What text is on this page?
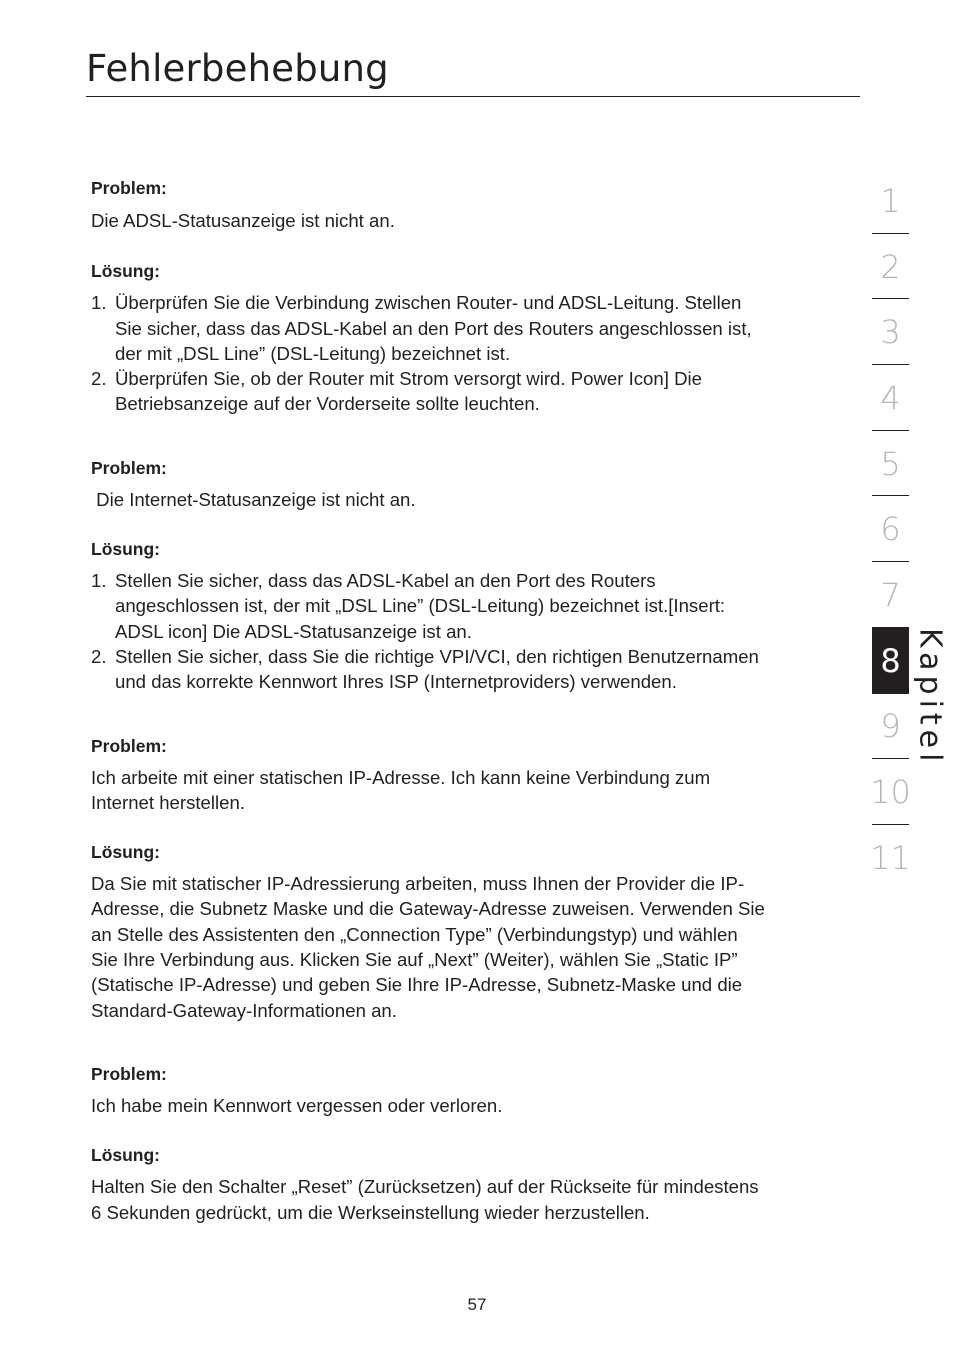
Fehlerbehebung

Problem:

Die ADSL-Statusanzeige ist nicht an.

Lösung:

1. Überprüfen Sie die Verbindung zwischen Router- und ADSL-Leitung. Stellen
Sie sicher, dass das ADSL-Kabel an den Port des Routers angeschlossen ist,
der mit „DSL Line” (DSL-Leitung) bezeichnet ist.
2. Überprüfen Sie, ob der Router mit Strom versorgt wird. Power Icon] Die
Betriebsanzeige auf der Vorderseite sollte leuchten.

Problem:

Die Internet-Statusanzeige ist nicht an.

Lösung:

1. Stellen Sie sicher, dass das ADSL-Kabel an den Port des Routers
angeschlossen ist, der mit „DSL Line” (DSL-Leitung) bezeichnet ist.[Insert:
ADSL icon] Die ADSL-Statusanzeige ist an.
2. Stellen Sie sicher, dass Sie die richtige VPI/VCI, den richtigen Benutzernamen
und das korrekte Kennwort Ihres ISP (Internetproviders) verwenden.

Problem:

Ich arbeite mit einer statischen IP-Adresse. Ich kann keine Verbindung zum
Internet herstellen.

Lösung:

Da Sie mit statischer IP-Adressierung arbeiten, muss Ihnen der Provider die IP-
Adresse, die Subnetz Maske und die Gateway-Adresse zuweisen. Verwenden Sie
an Stelle des Assistenten den „Connection Type” (Verbindungstyp) und wählen
Sie Ihre Verbindung aus. Klicken Sie auf „Next” (Weiter), wählen Sie „Static IP”
(Statische IP-Adresse) und geben Sie Ihre IP-Adresse, Subnetz-Maske und die
Standard-Gateway-Informationen an.

Problem:

Ich habe mein Kennwort vergessen oder verloren.

Lösung:

Halten Sie den Schalter „Reset” (Zurücksetzen) auf der Rückseite für mindestens
6 Sekunden gedrückt, um die Werkseinstellung wieder herzustellen.
1
2
3
4
5
6
7
8
9
10
11
Kapitel
57
